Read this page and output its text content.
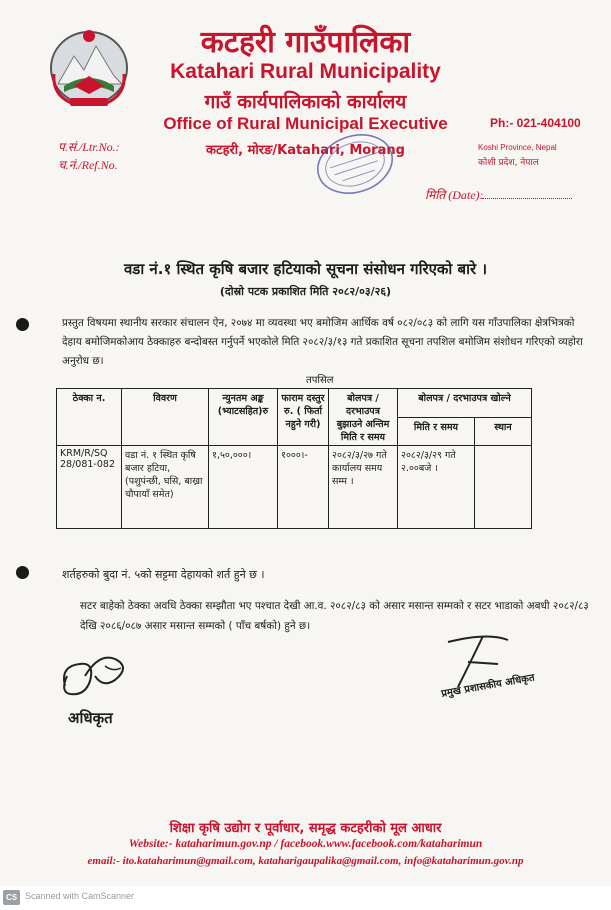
कटहरी गाउँपालिका
Katahari Rural Municipality
गाउँ कार्यपालिकाको कार्यालय
Office of Rural Municipal Executive
कटहरी, मोरङ/Katahari, Morang
Ph:- 021-404100
Koshi Province, Nepal
कोशी प्रदेश, नेपाल
प.सं./Ltr.No.:
च.नं./Ref.No.
मिति (Date):
वडा नं.१ स्थित कृषि बजार हटियाको सूचना संसोधन गरिएको बारे ।
(दोस्रो पटक प्रकाशित मिति २०८२/०३/२६)
प्रस्तुत विषयमा स्थानीय सरकार संचालन ऐन, २०७४ मा व्यवस्था भए बमोजिम आर्थिक वर्ष ०८२/०८३ को लागि यस गाँउपालिका क्षेत्रभित्रको देहाय बमोजिमकोआय ठेक्काहरु बन्दोबस्त गर्नुपर्ने भएकोले मिति २०८२/३/१३ गते प्रकाशित सूचना तपशिल बमोजिम संशोधन गरिएको व्यहोरा अनुरोध छ।
तपसिल
ठेक्का न.	विवरण	न्युनतम अङ्क (भ्याटसहित)रु	फाराम दस्तुर रु. ( फिर्ता नहुने गरी)	बोलपत्र / दरभाउपत्र बुझाउने अन्तिम मिति र समय	बोलपत्र / दरभाउपत्र खोल्ने	
					मिति र समय	स्थान
KRM/R/SQ 28/081-082	वडा नं. १ स्थित कृषि बजार हटिया,(पशुपंन्छी, घसि, बाख्रा चौपायाँ समेत)	१,५०,०००।	१०००।-	२०८२/३/२७ गते कार्यालय समय सम्म ।	२०८२/३/२९ गते २.००बजे ।	
शर्तहरुको बुदा नं. ५को सट्टमा देहायको शर्त हुने छ ।
सटर बाहेको ठेक्का अवधि ठेक्का सम्झौता भए पश्चात देखी आ.व. २०८२/८३ को असार मसान्त सम्मको र सटर भाडाको अबधी २०८२/८३ देखि २०८६/०८७ असार मसान्त सम्मको ( पाँच बर्षको) हुने छ।
अधिकृत
प्रमुख प्रशासकीय अधिकृत
शिक्षा कृषि उद्योग र पूर्वाधार, समृद्ध कटहरीको मूल आधार
Website:- kataharimun.gov.np / facebook.www.facebook.com/kataharimun
email:- ito.kataharimun@gmail.com, kataharigaupalika@gmail.com, info@kataharimun.gov.np
CS Scanned with CamScanner
